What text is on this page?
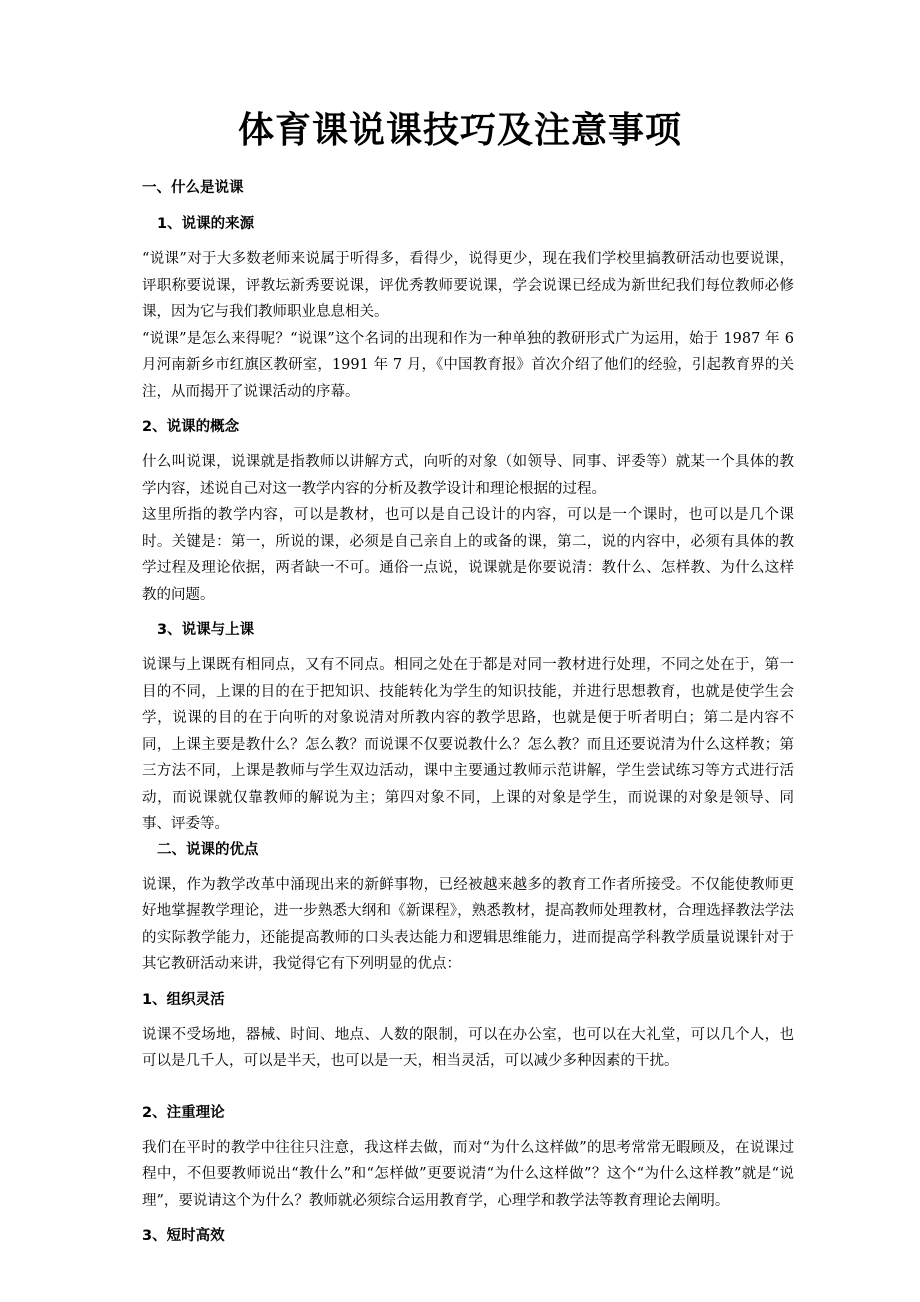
体育课说课技巧及注意事项

一、什么是说课

1、说课的来源

“说课”对于大多数老师来说属于听得多，看得少，说得更少，现在我们学校里搞教研活动也要说课，评职称要说课，评教坛新秀要说课，评优秀教师要说课，学会说课已经成为新世纪我们每位教师必修课，因为它与我们教师职业息息相关。

“说课”是怎么来得呢？“说课”这个名词的出现和作为一种单独的教研形式广为运用，始于 1987 年 6 月河南新乡市红旗区教研室，1991 年 7 月，《中国教育报》首次介绍了他们的经验，引起教育界的关注，从而揭开了说课活动的序幕。

2、说课的概念

什么叫说课，说课就是指教师以讲解方式，向听的对象（如领导、同事、评委等）就某一个具体的教学内容，述说自己对这一教学内容的分析及教学设计和理论根据的过程。

这里所指的教学内容，可以是教材，也可以是自己设计的内容，可以是一个课时，也可以是几个课时。关键是：第一，所说的课，必须是自己亲自上的或备的课，第二，说的内容中，必须有具体的教学过程及理论依据，两者缺一不可。通俗一点说，说课就是你要说清：教什么、怎样教、为什么这样教的问题。

3、说课与上课

说课与上课既有相同点，又有不同点。相同之处在于都是对同一教材进行处理，不同之处在于，第一目的不同，上课的目的在于把知识、技能转化为学生的知识技能，并进行思想教育，也就是使学生会学，说课的目的在于向听的对象说清对所教内容的教学思路，也就是便于听者明白；第二是内容不同，上课主要是教什么？怎么教？而说课不仅要说教什么？怎么教？而且还要说清为什么这样教；第三方法不同，上课是教师与学生双边活动，课中主要通过教师示范讲解，学生尝试练习等方式进行活动，而说课就仅靠教师的解说为主；第四对象不同，上课的对象是学生，而说课的对象是领导、同事、评委等。

二、说课的优点

说课，作为教学改革中涌现出来的新鲜事物，已经被越来越多的教育工作者所接受。不仅能使教师更好地掌握教学理论，进一步熟悉大纲和《新课程》，熟悉教材，提高教师处理教材，合理选择教法学法的实际教学能力，还能提高教师的口头表达能力和逻辑思维能力，进而提高学科教学质量说课针对于其它教研活动来讲，我觉得它有下列明显的优点：

1、组织灵活

说课不受场地，器械、时间、地点、人数的限制，可以在办公室，也可以在大礼堂，可以几个人，也可以是几千人，可以是半天，也可以是一天，相当灵活，可以减少多种因素的干扰。

2、注重理论

我们在平时的教学中往往只注意，我这样去做，而对“为什么这样做”的思考常常无暇顾及，在说课过程中，不但要教师说出“教什么”和“怎样做”更要说清“为什么这样做”？这个“为什么这样教”就是“说理”，要说请这个为什么？教师就必须综合运用教育学，心理学和教学法等教育理论去阐明。

3、短时高效
